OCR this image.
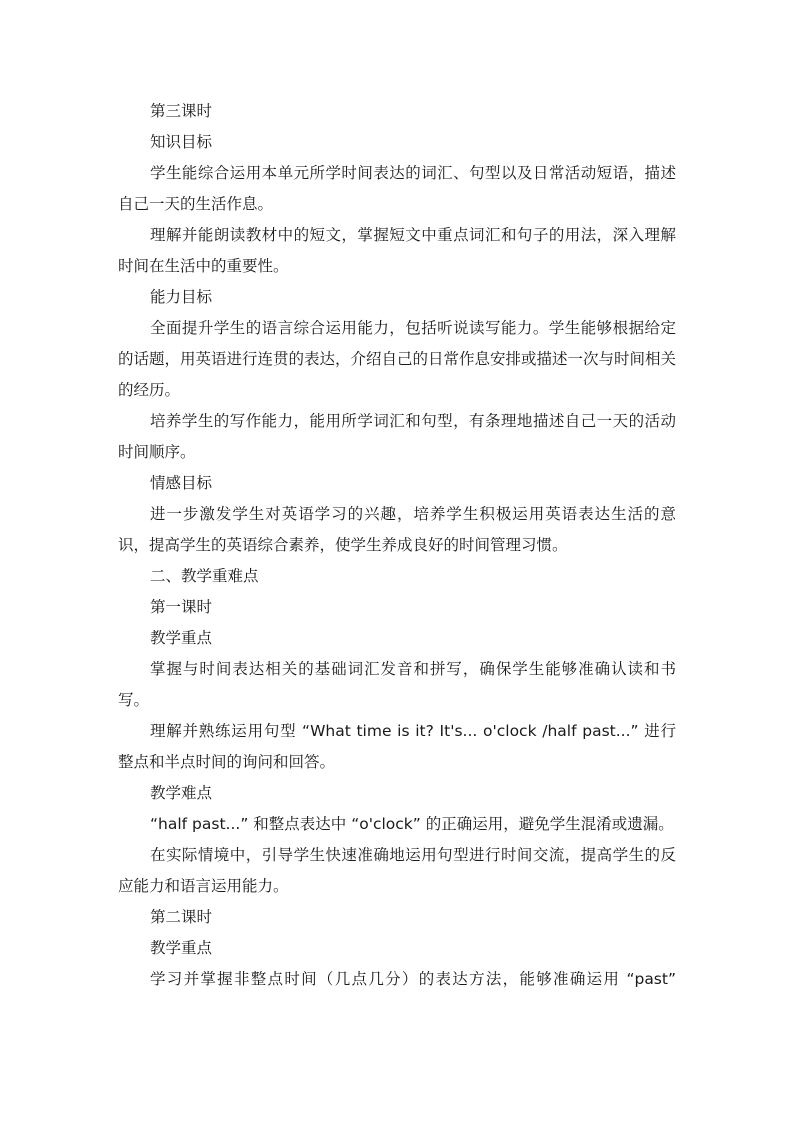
第三课时

知识目标

学生能综合运用本单元所学时间表达的词汇、句型以及日常活动短语，描述自己一天的生活作息。

理解并能朗读教材中的短文，掌握短文中重点词汇和句子的用法，深入理解时间在生活中的重要性。

能力目标

全面提升学生的语言综合运用能力，包括听说读写能力。学生能够根据给定的话题，用英语进行连贯的表达，介绍自己的日常作息安排或描述一次与时间相关的经历。

培养学生的写作能力，能用所学词汇和句型，有条理地描述自己一天的活动时间顺序。

情感目标

进一步激发学生对英语学习的兴趣，培养学生积极运用英语表达生活的意识，提高学生的英语综合素养，使学生养成良好的时间管理习惯。

二、教学重难点

第一课时

教学重点

掌握与时间表达相关的基础词汇发音和拼写，确保学生能够准确认读和书写。

理解并熟练运用句型 “What time is it? It's... o'clock /half past...” 进行整点和半点时间的询问和回答。

教学难点

“half past...” 和整点表达中 “o'clock” 的正确运用，避免学生混淆或遗漏。

在实际情境中，引导学生快速准确地运用句型进行时间交流，提高学生的反应能力和语言运用能力。

第二课时

教学重点

学习并掌握非整点时间（几点几分）的表达方法，能够准确运用 “past”
